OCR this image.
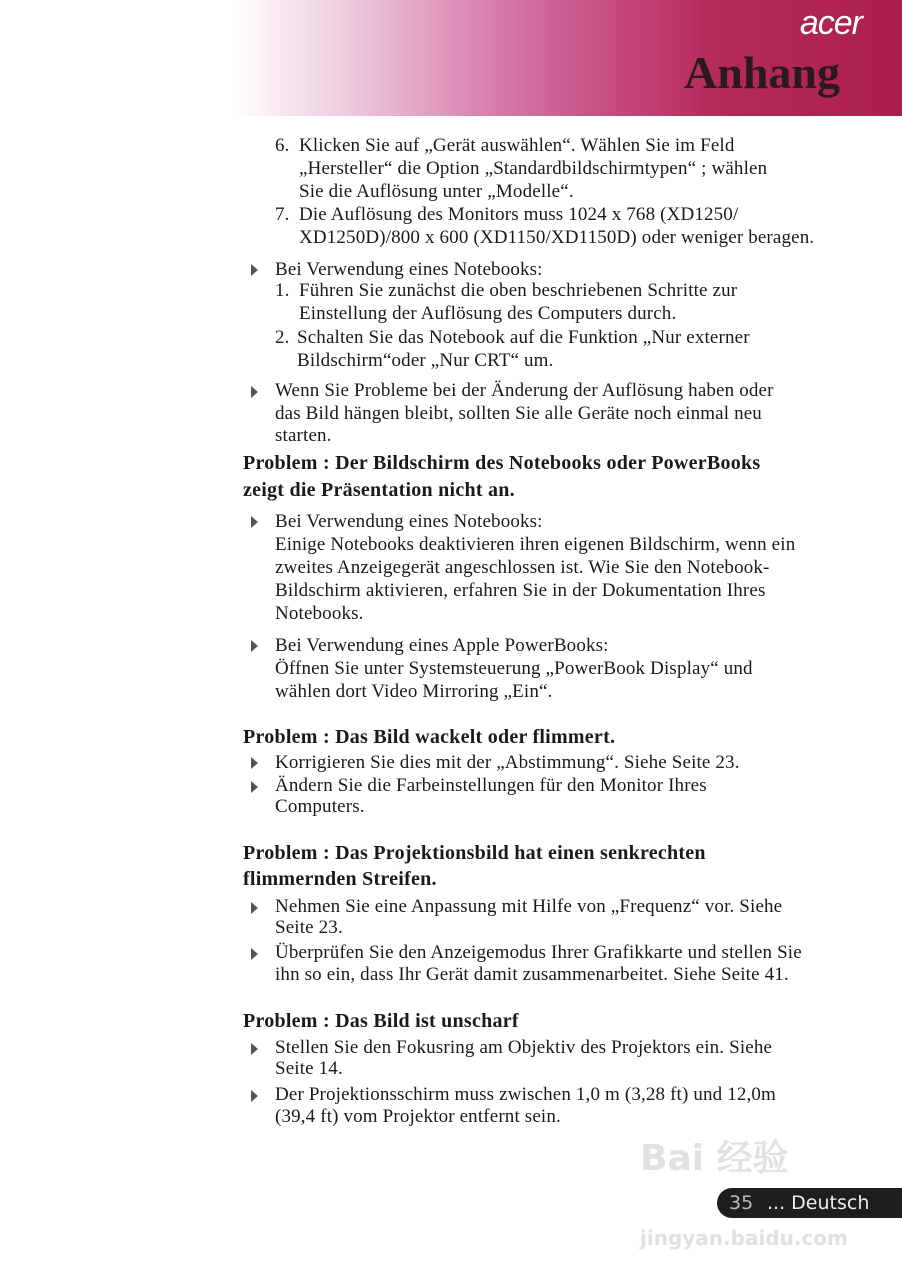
acer
Anhang
6. Klicken Sie auf „Gerät auswählen“. Wählen Sie im Feld
„Hersteller“ die Option „Standardbildschirmtypen“ ; wählen
Sie die Auflösung unter „Modelle“.
7. Die Auflösung des Monitors muss 1024 x 768 (XD1250/
XD1250D)/800 x 600 (XD1150/XD1150D) oder weniger beragen.
Bei Verwendung eines Notebooks:
1. Führen Sie zunächst die oben beschriebenen Schritte zur
Einstellung der Auflösung des Computers durch.
2. Schalten Sie das Notebook auf die Funktion „Nur externer
Bildschirm“oder „Nur CRT“ um.
Wenn Sie Probleme bei der Änderung der Auflösung haben oder
das Bild hängen bleibt, sollten Sie alle Geräte noch einmal neu
starten.
Problem : Der Bildschirm des Notebooks oder PowerBooks
zeigt die Präsentation nicht an.
Bei Verwendung eines Notebooks:
Einige Notebooks deaktivieren ihren eigenen Bildschirm, wenn ein
zweites Anzeigegerät angeschlossen ist. Wie Sie den Notebook-
Bildschirm aktivieren, erfahren Sie in der Dokumentation Ihres
Notebooks.
Bei Verwendung eines Apple PowerBooks:
Öffnen Sie unter Systemsteuerung „PowerBook Display“ und
wählen dort Video Mirroring „Ein“.
Problem : Das Bild wackelt oder flimmert.
Korrigieren Sie dies mit der „Abstimmung“. Siehe Seite 23.
Ändern Sie die Farbeinstellungen für den Monitor Ihres
Computers.
Problem : Das Projektionsbild hat einen senkrechten
flimmernden Streifen.
Nehmen Sie eine Anpassung mit Hilfe von „Frequenz“ vor. Siehe
Seite 23.
Überprüfen Sie den Anzeigemodus Ihrer Grafikkarte und stellen Sie
ihn so ein, dass Ihr Gerät damit zusammenarbeitet. Siehe Seite 41.
Problem : Das Bild ist unscharf
Stellen Sie den Fokusring am Objektiv des Projektors ein. Siehe
Seite 14.
Der Projektionsschirm muss zwischen 1,0 m (3,28 ft) und 12,0m
(39,4 ft) vom Projektor entfernt sein.
Bai 经验
35 ... Deutsch
jingyan.baidu.com
